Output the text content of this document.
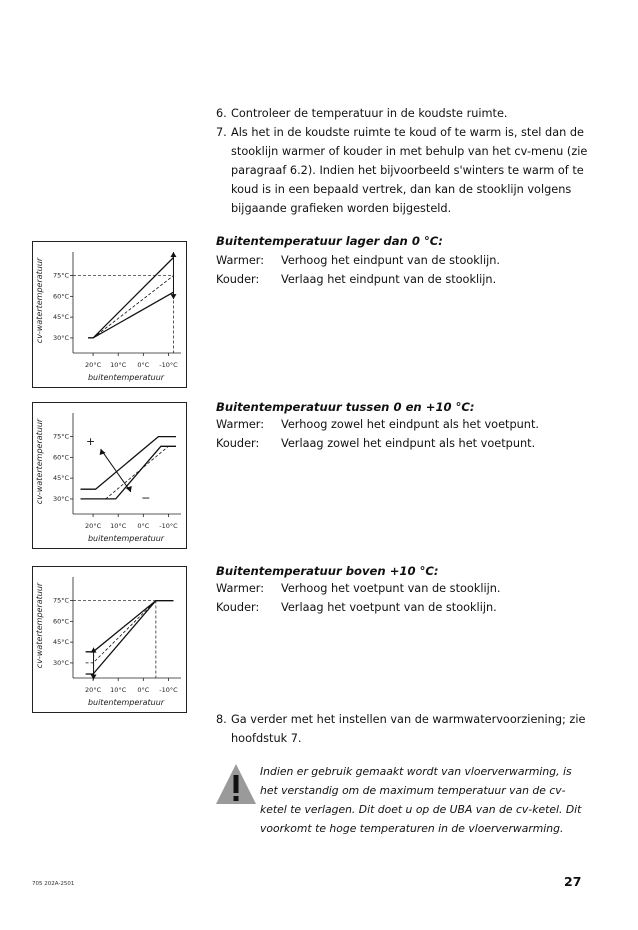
6. Controleer de temperatuur in de koudste ruimte.
7. Als het in de koudste ruimte te koud of te warm is, stel dan de stooklijn warmer of kouder in met behulp van het cv-menu (zie paragraaf 6.2). Indien het bijvoorbeeld s'winters te warm of te koud is in een bepaald vertrek, dan kan de stooklijn volgens bijgaande grafieken worden bijgesteld.
Buitentemperatuur lager dan 0 °C:
Warmer: Verhoog het eindpunt van de stooklijn.
Kouder: Verlaag het eindpunt van de stooklijn.
Buitentemperatuur tussen 0 en +10 °C:
Warmer: Verhoog zowel het eindpunt als het voetpunt.
Kouder: Verlaag zowel het eindpunt als het voetpunt.
Buitentemperatuur boven +10 °C:
Warmer: Verhoog het voetpunt van de stooklijn.
Kouder: Verlaag het voetpunt van de stooklijn.
30°C
45°C
60°C
75°C
20°C 10°C 0°C -10°C
buitentemperatuur
cv-watertemperatuur
30°C
45°C
60°C
75°C
20°C 10°C 0°C -10°C
buitentemperatuur
cv-watertemperatuur	+
−
30°C
45°C
60°C
75°C
20°C 10°C 0°C -10°C
buitentemperatuur
cv-watertemperatuur
8. Ga verder met het instellen van de warmwatervoorziening; zie hoofdstuk 7.
Indien er gebruik gemaakt wordt van vloerverwarming, is het verstandig om de maximum temperatuur van de cv-ketel te verlagen. Dit doet u op de UBA van de cv-ketel. Dit voorkomt te hoge temperaturen in de vloerverwarming.
705 202A-2501	27
